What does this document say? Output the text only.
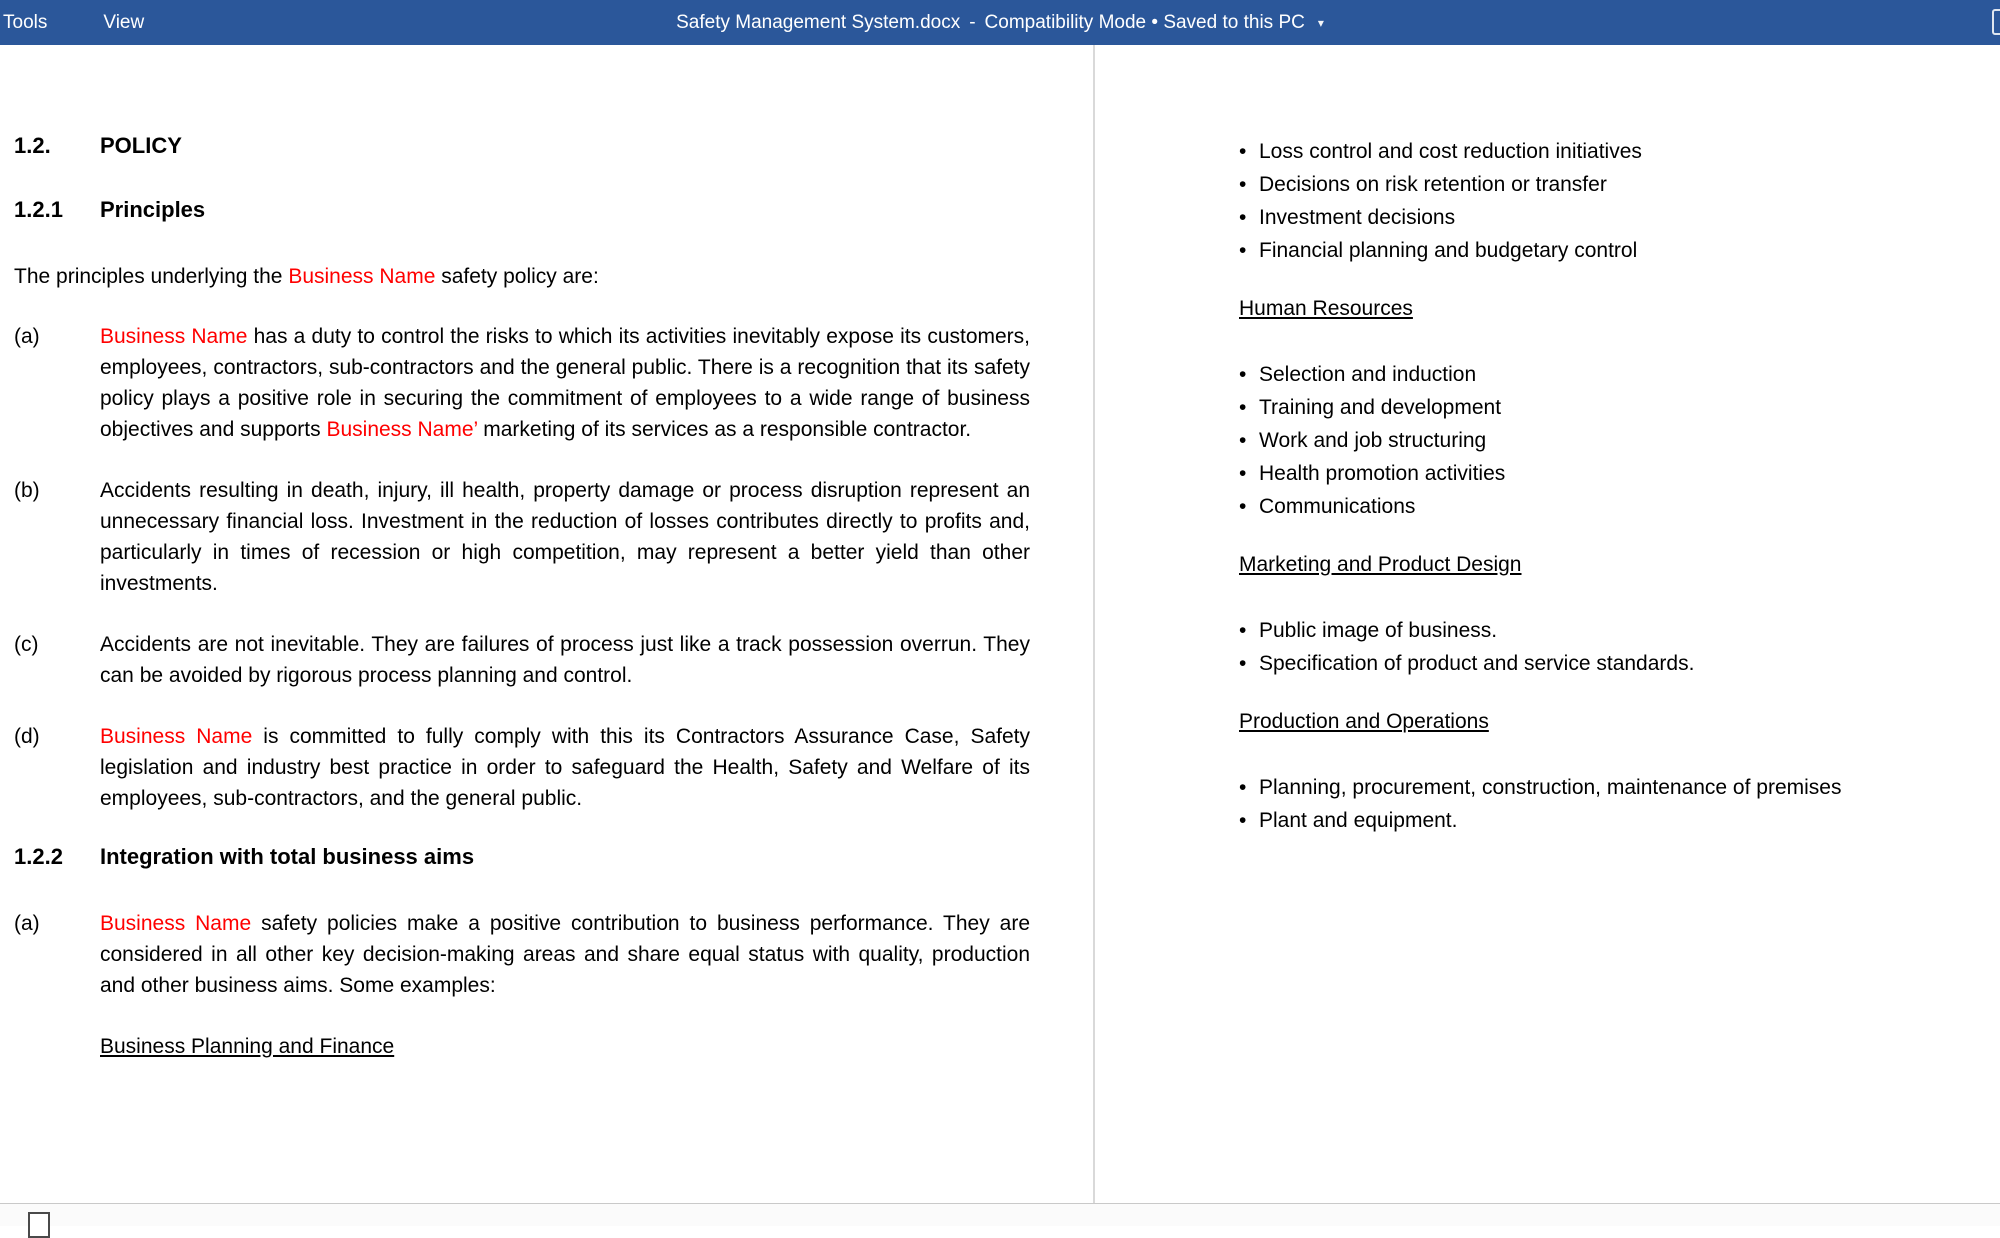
Tools	View	Safety Management System.docx - Compatibility Mode • Saved to this PC ▾
1.2.	POLICY
1.2.1	Principles
The principles underlying the Business Name safety policy are:
(a)	Business Name has a duty to control the risks to which its activities inevitably expose its customers, employees, contractors, sub-contractors and the general public. There is a recognition that its safety policy plays a positive role in securing the commitment of employees to a wide range of business objectives and supports Business Name’ marketing of its services as a responsible contractor.
(b)	Accidents resulting in death, injury, ill health, property damage or process disruption represent an unnecessary financial loss. Investment in the reduction of losses contributes directly to profits and, particularly in times of recession or high competition, may represent a better yield than other investments.
(c)	Accidents are not inevitable. They are failures of process just like a track possession overrun. They can be avoided by rigorous process planning and control.
(d)	Business Name is committed to fully comply with this its Contractors Assurance Case, Safety legislation and industry best practice in order to safeguard the Health, Safety and Welfare of its employees, sub-contractors, and the general public.
1.2.2	Integration with total business aims
(a)	Business Name safety policies make a positive contribution to business performance. They are considered in all other key decision-making areas and share equal status with quality, production and other business aims. Some examples:
Business Planning and Finance
• Loss control and cost reduction initiatives
• Decisions on risk retention or transfer
• Investment decisions
• Financial planning and budgetary control
Human Resources
• Selection and induction
• Training and development
• Work and job structuring
• Health promotion activities
• Communications
Marketing and Product Design
• Public image of business.
• Specification of product and service standards.
Production and Operations
• Planning, procurement, construction, maintenance of premises
• Plant and equipment.
